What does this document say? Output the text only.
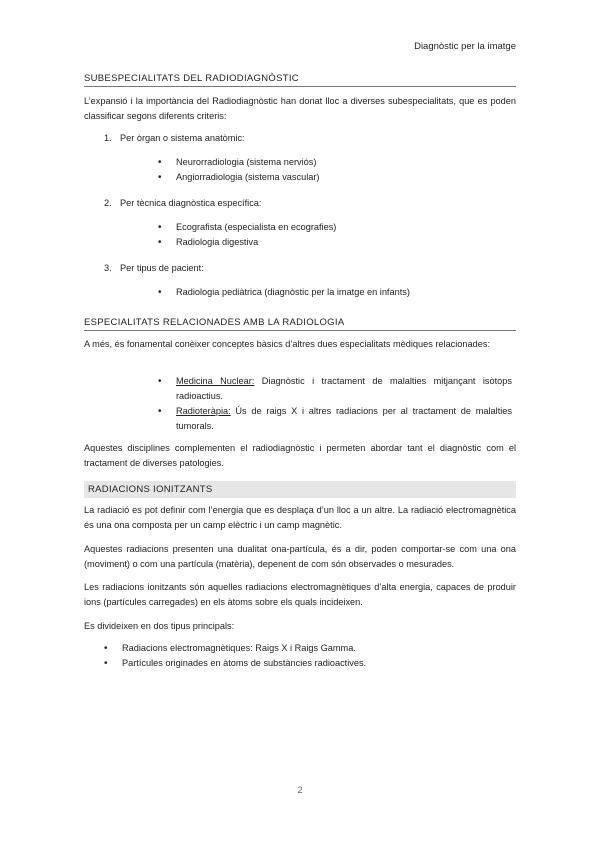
Diagnòstic per la imatge
SUBESPECIALITATS DEL RADIODIAGNÒSTIC
L’expansió i la importància del Radiodiagnòstic han donat lloc a diverses subespecialitats, que es poden classificar segons diferents criteris:
1. Per òrgan o sistema anatòmic:
• Neurorradiologia (sistema nerviós)
• Angiorradiologia (sistema vascular)
2. Per tècnica diagnòstica específica:
• Ecografista (especialista en ecografies)
• Radiologia digestiva
3. Per tipus de pacient:
• Radiologia pediàtrica (diagnòstic per la imatge en infants)
ESPECIALITATS RELACIONADES AMB LA RADIOLOGIA
A més, és fonamental conèixer conceptes bàsics d’altres dues especialitats mèdiques relacionades:
• Medicina Nuclear: Diagnòstic i tractament de malalties mitjançant isòtops radioactius.
• Radioteràpia: Ús de raigs X i altres radiacions per al tractament de malalties tumorals.
Aquestes disciplines complementen el radiodiagnòstic i permeten abordar tant el diagnòstic com el tractament de diverses patologies.
RADIACIONS IONITZANTS
La radiació es pot definir com l’energia que es desplaça d’un lloc a un altre. La radiació electromagnètica és una ona composta per un camp elèctric i un camp magnètic.
Aquestes radiacions presenten una dualitat ona-partícula, és a dir, poden comportar-se com una ona (moviment) o com una partícula (matèria), depenent de com són observades o mesurades.
Les radiacions ionitzants són aquelles radiacions electromagnètiques d’alta energia, capaces de produir ions (partícules carregades) en els àtoms sobre els quals incideixen.
Es divideixen en dos tipus principals:
• Radiacions electromagnètiques: Raigs X i Raigs Gamma.
• Partícules originades en àtoms de substàncies radioactives.
2
